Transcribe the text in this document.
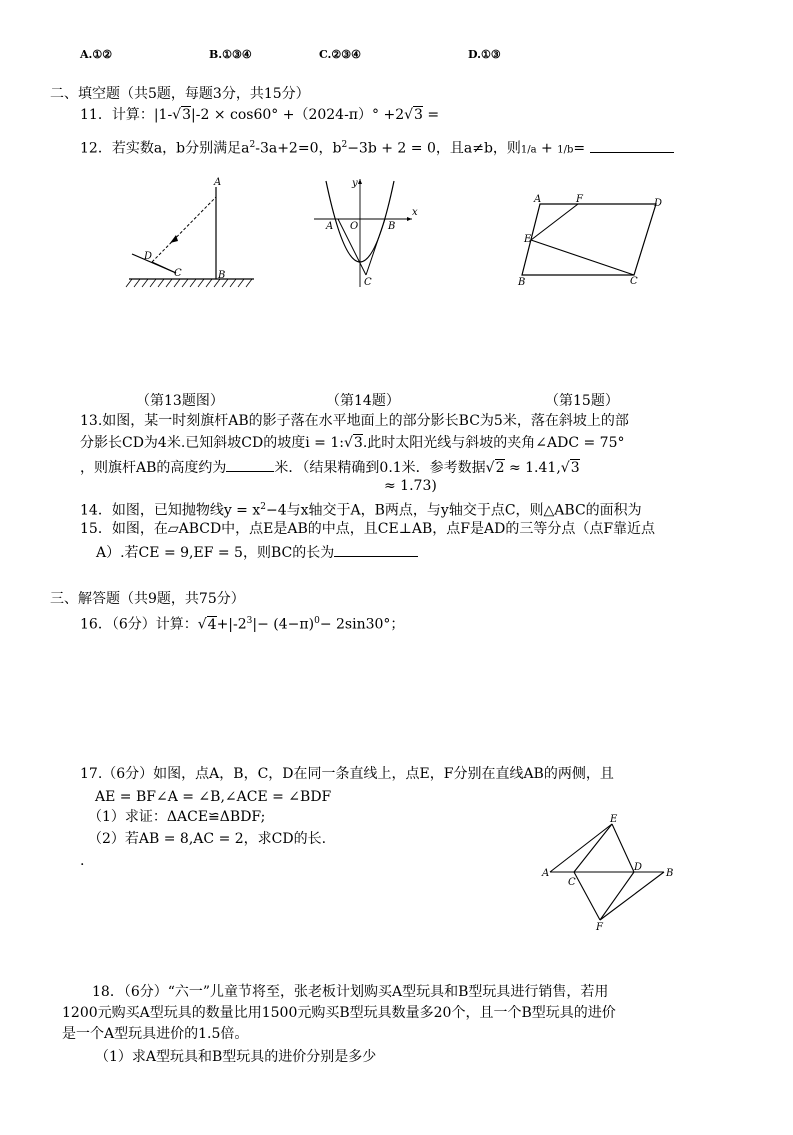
A.①②	B.①③④	C.②③④	D.①③
二、填空题（共5题，每题3分，共15分）
11．计算：|1-√3|-2 × cos60° +（2024-π）° +2√3 =
12．若实数a，b分别满足$a^2-3a+2=0$，$b^2-3b + 2 = 0$，且a≠b，则1/a + 1/b=
A
B
C
D
x
y
A O	B
C
A	F	D
E
B	C
（第13题图）	（第14题）	（第15题）
13.如图，某一时刻旗杆AB的影子落在水平地面上的部分影长BC为5米，落在斜坡上的部
分影长CD为4米.已知斜坡CD的坡度i = 1:√3.此时太阳光线与斜坡的夹角∠ADC = 75°
，则旗杆AB的高度约为	米．（结果精确到0.1米．参考数据√2 ≈ 1.41,√3
≈ 1.73)
14．如图，已知抛物线$y = x^2-4$与x轴交于A，B两点，与y轴交于点C，则△ABC的面积为
15．如图，在▱ABCD中，点E是AB的中点，且CE⊥AB，点F是AD的三等分点（点F靠近点
A）.若CE = 9,EF = 5，则BC的长为
三、解答题（共9题，共75分）
16．（6分）计算：$√4+|-2^3|- (4-\pi)^0- 2\sin 30^\circ$；
17.（6分）如图，点A，B，C，D在同一条直线上，点E，F分别在直线AB的两侧，且
AE = BF∠A = ∠B,∠ACE = ∠BDF
（1）求证：ΔACE≌ΔBDF;
（2）若AB = 8,AC = 2，求CD的长.
.
E
A
C
D
B
F
18．（6分）“六一”儿童节将至，张老板计划购买A型玩具和B型玩具进行销售，若用
1200元购买A型玩具的数量比用1500元购买B型玩具数量多20个，且一个B型玩具的进价
是一个A型玩具进价的1.5倍。
（1）求A型玩具和B型玩具的进价分别是多少
